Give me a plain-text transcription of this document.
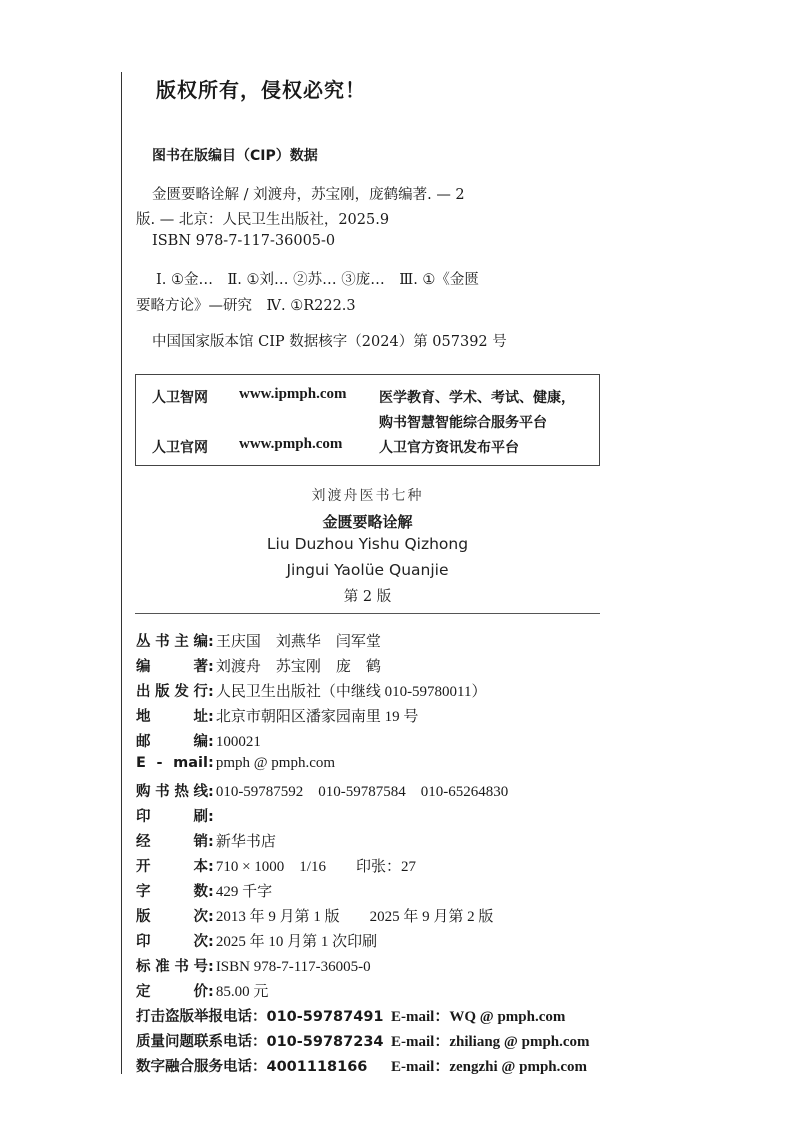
版权所有，侵权必究！
图书在版编目（CIP）数据
金匮要略诠解 / 刘渡舟，苏宝刚，庞鹤编著. — 2
版. — 北京：人民卫生出版社，2025.9
ISBN 978-7-117-36005-0
Ⅰ. ①金…　Ⅱ. ①刘… ②苏… ③庞…　Ⅲ. ①《金匮
要略方论》—研究　Ⅳ. ①R222.3
中国国家版本馆 CIP 数据核字（2024）第 057392 号
人卫智网 www.ipmph.com 医学教育、学术、考试、健康，
购书智慧智能综合服务平台
人卫官网 www.pmph.com	人卫官方资讯发布平台
刘渡舟医书七种
金匮要略诠解
Liu Duzhou Yishu Qizhong
Jingui Yaolüe Quanjie
第 2 版
丛书主编 : 王庆国　刘燕华　闫军堂
编　　著 : 刘渡舟　苏宝刚　庞　鹤
出版发行 : 人民卫生出版社（中继线 010-59780011）
地　　址 : 北京市朝阳区潘家园南里 19 号
邮　　编 : 100021
E - mail : pmph @ pmph.com
购书热线 : 010-59787592　010-59787584　010-65264830
印　　刷 :
经　　销 : 新华书店
开　　本 : 710 × 1000　1/16　　印张：27
字　　数 : 429 千字
版　　次 : 2013 年 9 月第 1 版　　2025 年 9 月第 2 版
印　　次 : 2025 年 10 月第 1 次印刷
标准书号 : ISBN 978-7-117-36005-0
定　　价 : 85.00 元
打击盗版举报电话：010-59787491 E-mail：WQ @ pmph.com
质量问题联系电话：010-59787234 E-mail：zhiliang @ pmph.com
数字融合服务电话：4001118166	E-mail：zengzhi @ pmph.com
